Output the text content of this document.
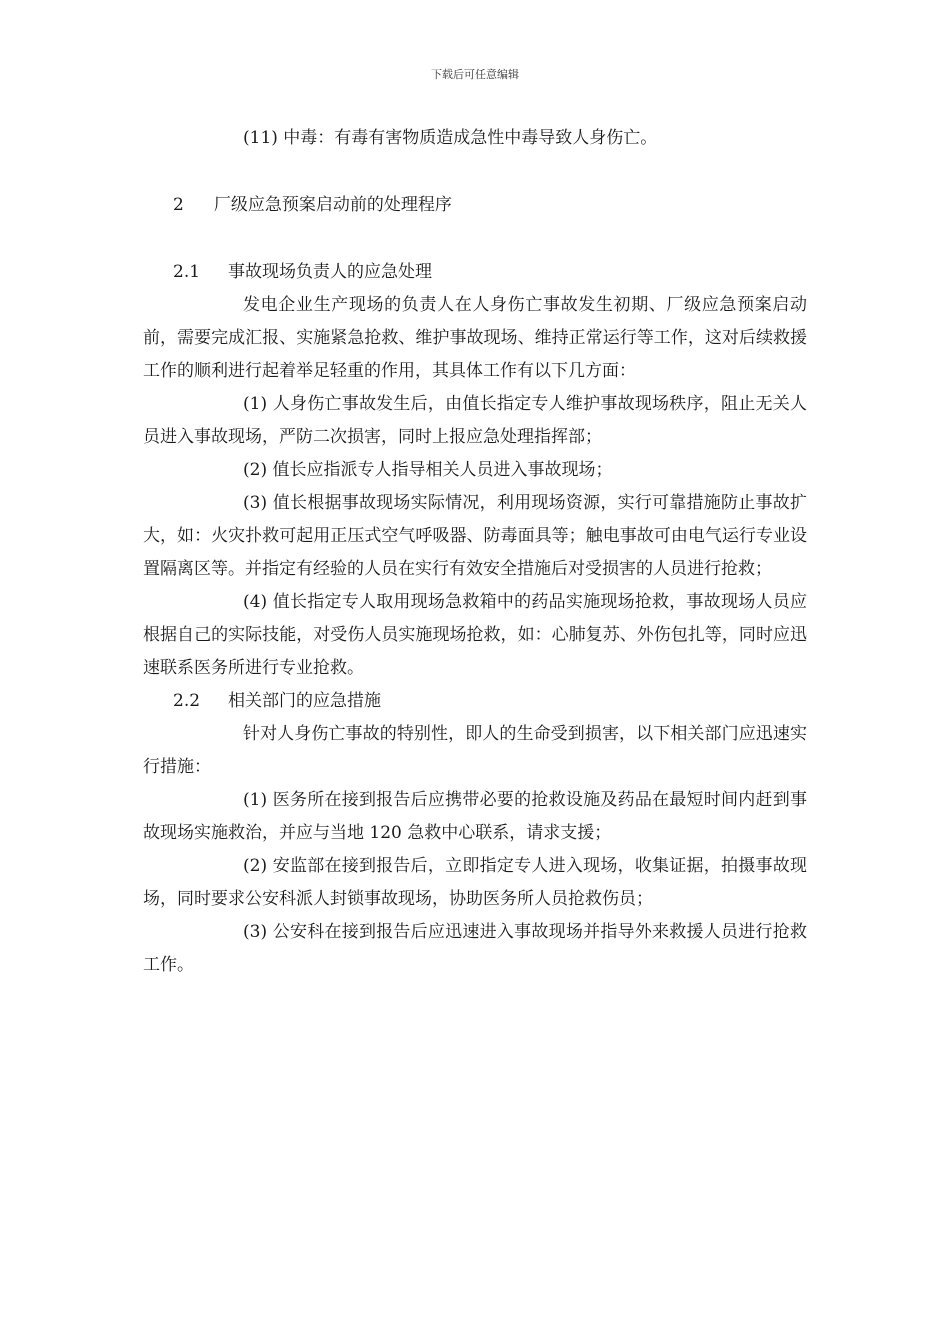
下载后可任意编辑

(11) 中毒：有毒有害物质造成急性中毒导致人身伤亡。

2 厂级应急预案启动前的处理程序

2.1 事故现场负责人的应急处理

发电企业生产现场的负责人在人身伤亡事故发生初期、厂级应急预案启动前，需要完成汇报、实施紧急抢救、维护事故现场、维持正常运行等工作，这对后续救援工作的顺利进行起着举足轻重的作用，其具体工作有以下几方面：

(1) 人身伤亡事故发生后，由值长指定专人维护事故现场秩序，阻止无关人员进入事故现场，严防二次损害，同时上报应急处理指挥部；

(2) 值长应指派专人指导相关人员进入事故现场；

(3) 值长根据事故现场实际情况，利用现场资源，实行可靠措施防止事故扩大，如：火灾扑救可起用正压式空气呼吸器、防毒面具等；触电事故可由电气运行专业设置隔离区等。并指定有经验的人员在实行有效安全措施后对受损害的人员进行抢救；

(4) 值长指定专人取用现场急救箱中的药品实施现场抢救，事故现场人员应根据自己的实际技能，对受伤人员实施现场抢救，如：心肺复苏、外伤包扎等，同时应迅速联系医务所进行专业抢救。

2.2 相关部门的应急措施

针对人身伤亡事故的特别性，即人的生命受到损害，以下相关部门应迅速实行措施：

(1) 医务所在接到报告后应携带必要的抢救设施及药品在最短时间内赶到事故现场实施救治，并应与当地 120 急救中心联系，请求支援；

(2) 安监部在接到报告后，立即指定专人进入现场，收集证据，拍摄事故现场，同时要求公安科派人封锁事故现场，协助医务所人员抢救伤员；

(3) 公安科在接到报告后应迅速进入事故现场并指导外来救援人员进行抢救工作。
